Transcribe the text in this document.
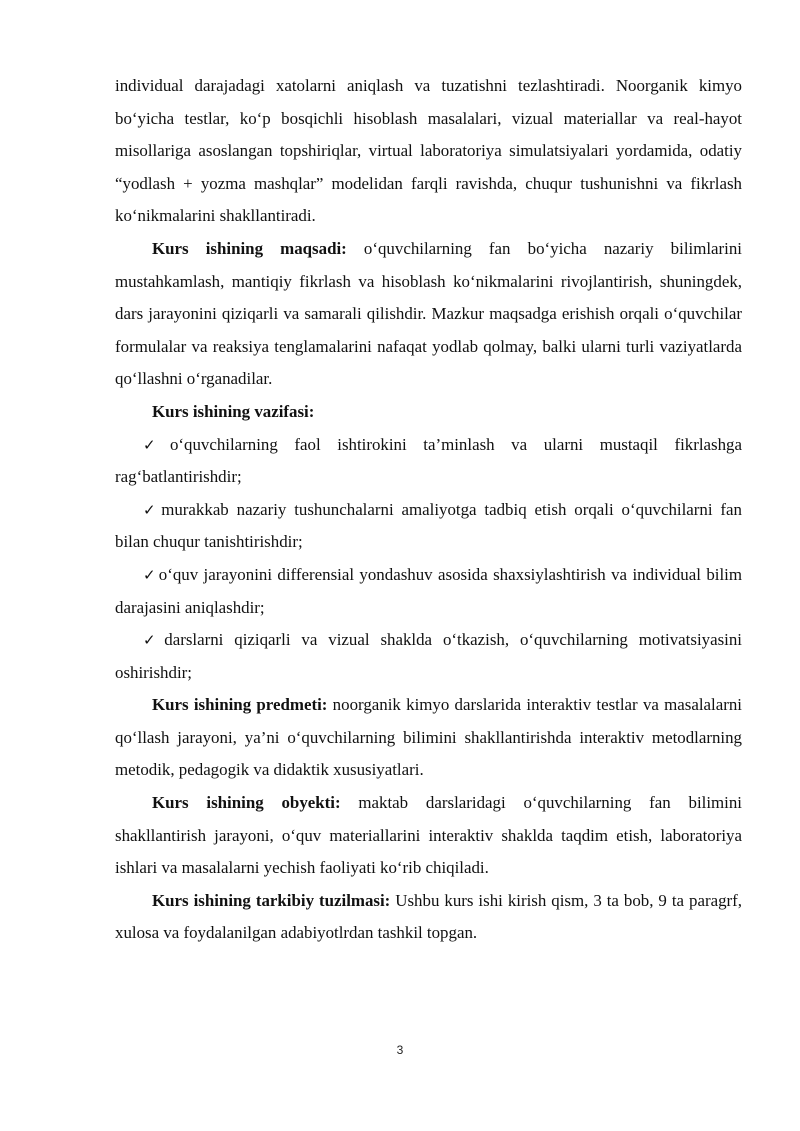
individual darajadagi xatolarni aniqlash va tuzatishni tezlashtiradi. Noorganik kimyo bo‘yicha testlar, ko‘p bosqichli hisoblash masalalari, vizual materiallar va real-hayot misollariga asoslangan topshiriqlar, virtual laboratoriya simulatsiyalari yordamida, odatiy “yodlash + yozma mashqlar” modelidan farqli ravishda, chuqur tushunishni va fikrlash ko‘nikmalarini shakllantiradi.

Kurs ishining maqsadi: o‘quvchilarning fan bo‘yicha nazariy bilimlarini mustahkamlash, mantiqiy fikrlash va hisoblash ko‘nikmalarini rivojlantirish, shuningdek, dars jarayonini qiziqarli va samarali qilishdir. Mazkur maqsadga erishish orqali o‘quvchilar formulalar va reaksiya tenglamalarini nafaqat yodlab qolmay, balki ularni turli vaziyatlarda qo‘llashni o‘rganadilar.

Kurs ishining vazifasi:

✓ o‘quvchilarning faol ishtirokini ta’minlash va ularni mustaqil fikrlashga rag‘batlantirishdir;

✓ murakkab nazariy tushunchalarni amaliyotga tadbiq etish orqali o‘quvchilarni fan bilan chuqur tanishtirishdir;

✓ o‘quv jarayonini differensial yondashuv asosida shaxsiylashtirish va individual bilim darajasini aniqlashdir;

✓ darslarni qiziqarli va vizual shaklda o‘tkazish, o‘quvchilarning motivatsiyasini oshirishdir;

Kurs ishining predmeti: noorganik kimyo darslarida interaktiv testlar va masalalarni qo‘llash jarayoni, ya’ni o‘quvchilarning bilimini shakllantirishda interaktiv metodlarning metodik, pedagogik va didaktik xususiyatlari.

Kurs ishining obyekti: maktab darslaridagi o‘quvchilarning fan bilimini shakllantirish jarayoni, o‘quv materiallarini interaktiv shaklda taqdim etish, laboratoriya ishlari va masalalarni yechish faoliyati ko‘rib chiqiladi.

Kurs ishining tarkibiy tuzilmasi: Ushbu kurs ishi kirish qism, 3 ta bob, 9 ta paragrf, xulosa va foydalanilgan adabiyotlrdan tashkil topgan.

3
